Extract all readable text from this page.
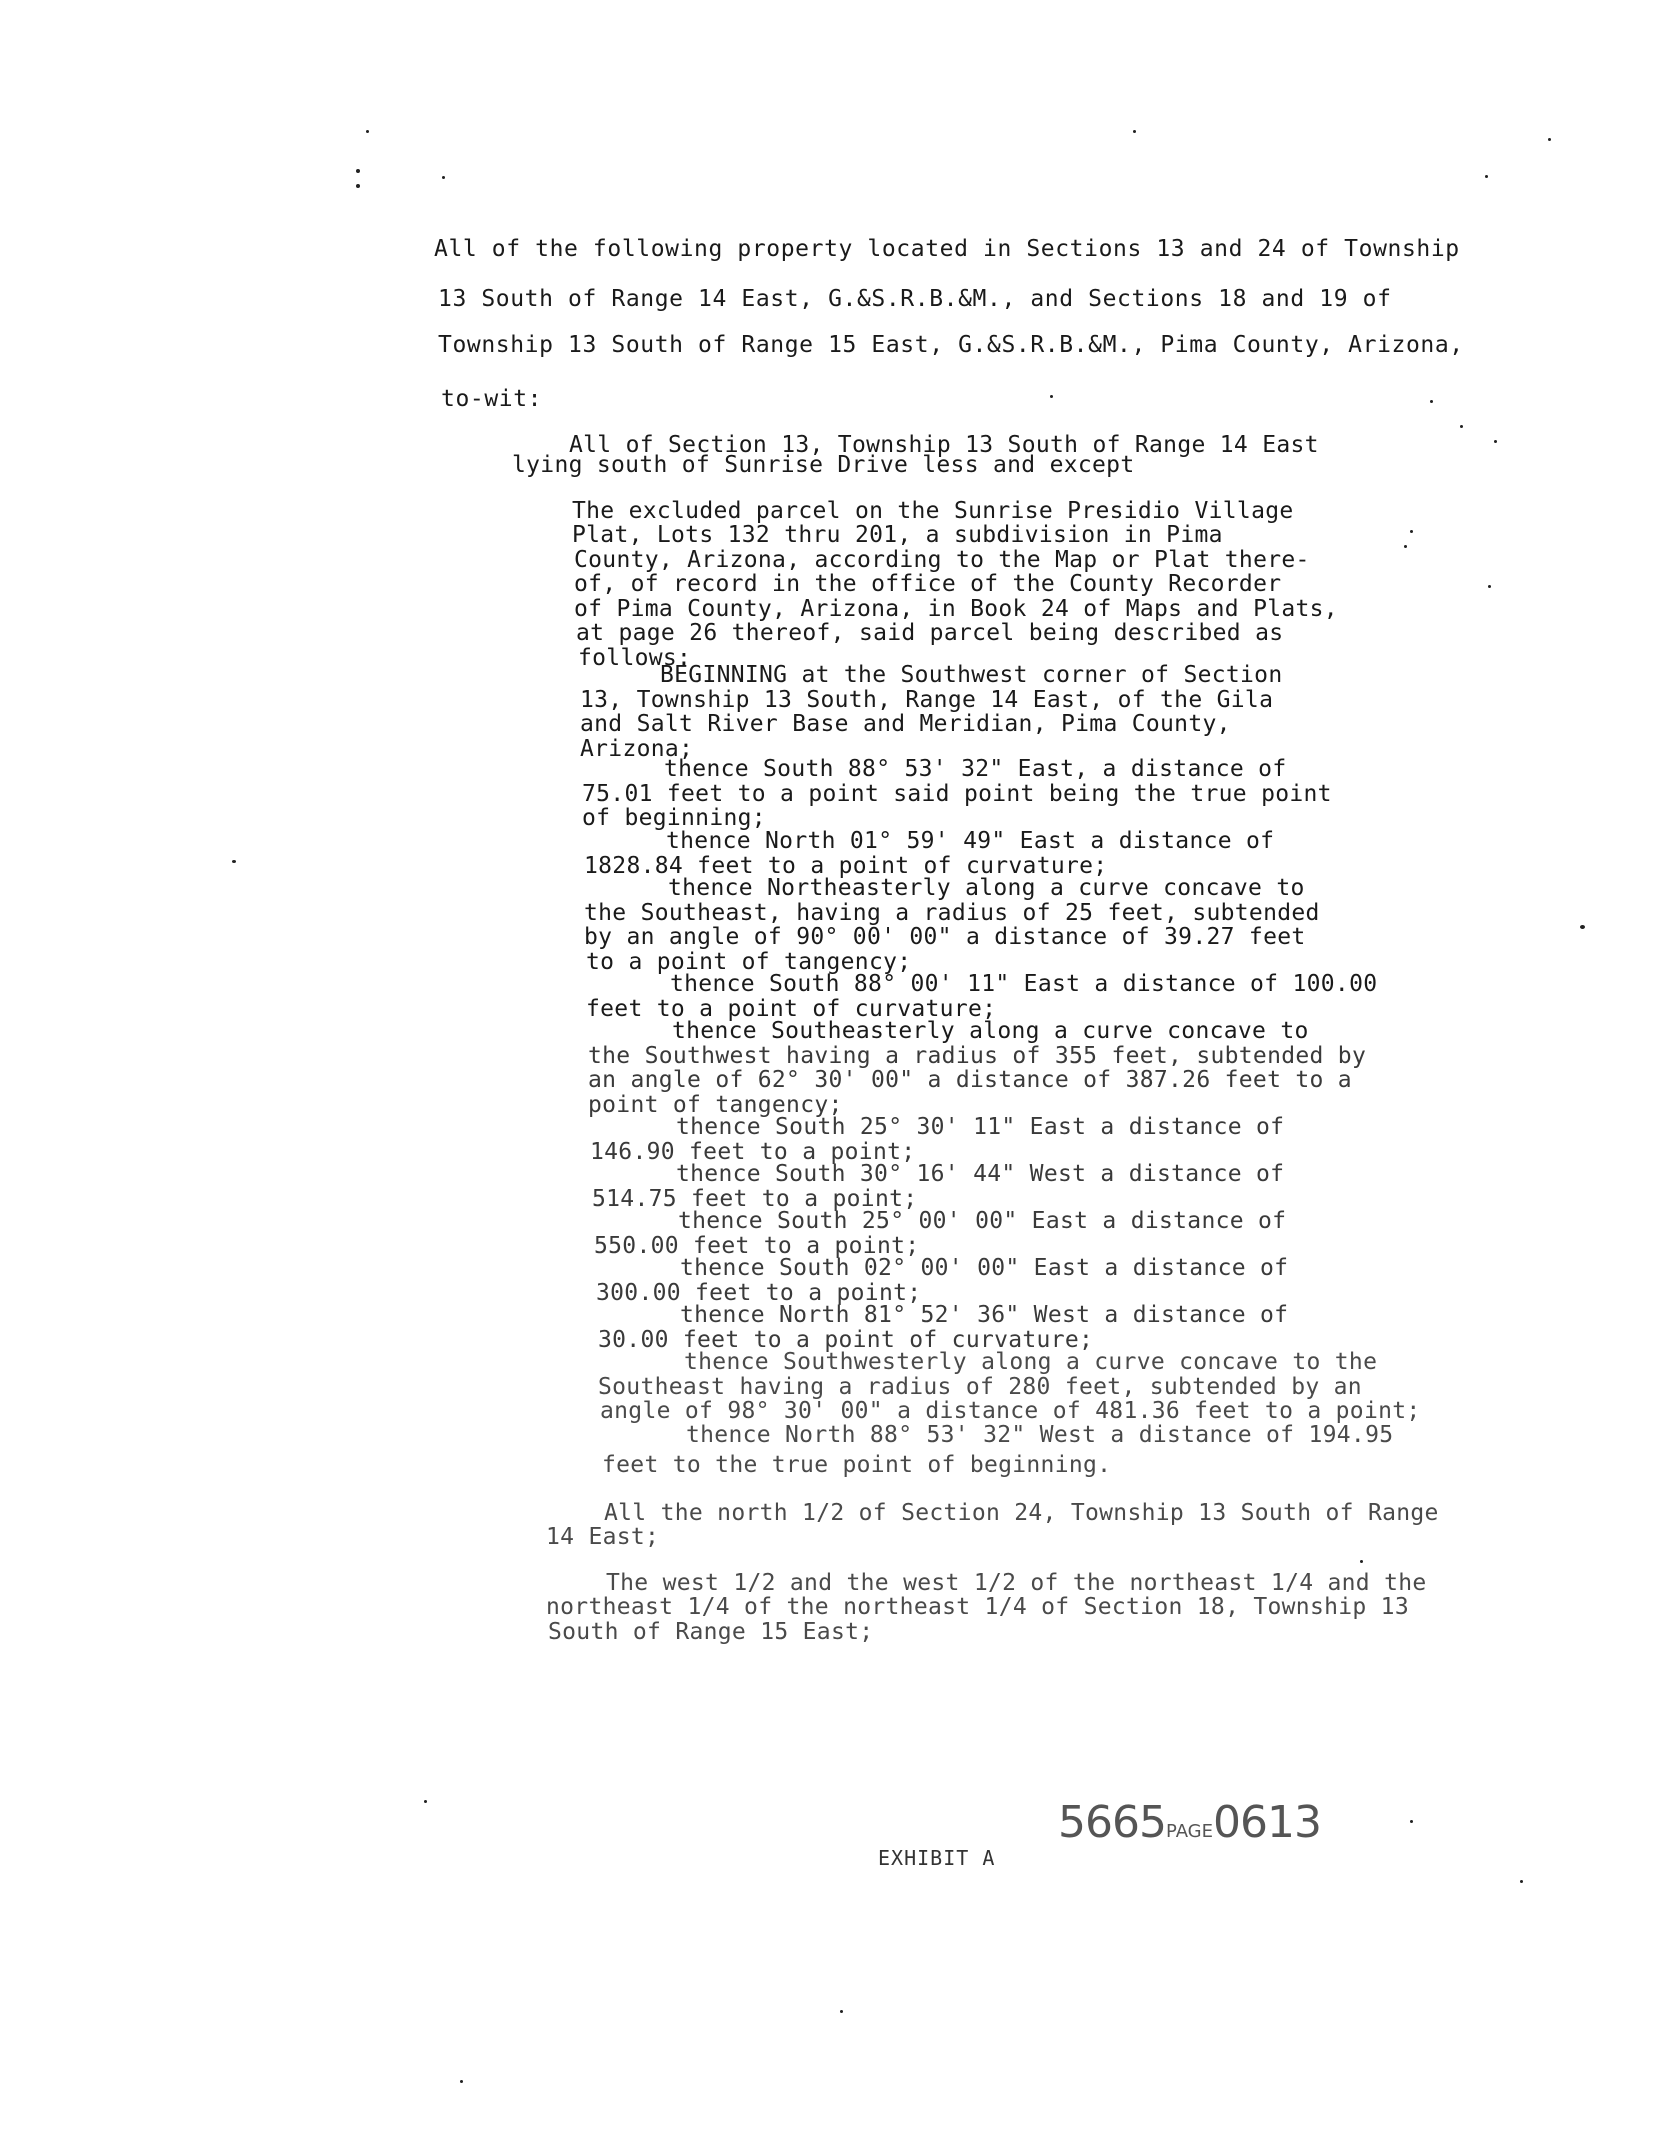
All of the following property located in Sections 13 and 24 of Township
13 South of Range 14 East, G.&S.R.B.&M., and Sections 18 and 19 of
Township 13 South of Range 15 East, G.&S.R.B.&M., Pima County, Arizona,
to-wit:
All of Section 13, Township 13 South of Range 14 East
lying south of Sunrise Drive less and except
The excluded parcel on the Sunrise Presidio Village
Plat, Lots 132 thru 201, a subdivision in Pima
County, Arizona, according to the Map or Plat there-
of, of record in the office of the County Recorder
of Pima County, Arizona, in Book 24 of Maps and Plats,
at page 26 thereof, said parcel being described as
follows:
BEGINNING at the Southwest corner of Section
13, Township 13 South, Range 14 East, of the Gila
and Salt River Base and Meridian, Pima County,
Arizona;
thence South 88° 53' 32" East, a distance of
75.01 feet to a point said point being the true point
of beginning;
thence North 01° 59' 49" East a distance of
1828.84 feet to a point of curvature;
thence Northeasterly along a curve concave to
the Southeast, having a radius of 25 feet, subtended
by an angle of 90° 00' 00" a distance of 39.27 feet
to a point of tangency;
thence South 88° 00' 11" East a distance of 100.00
feet to a point of curvature;
thence Southeasterly along a curve concave to
the Southwest having a radius of 355 feet, subtended by
an angle of 62° 30' 00" a distance of 387.26 feet to a
point of tangency;
thence South 25° 30' 11" East a distance of
146.90 feet to a point;
thence South 30° 16' 44" West a distance of
514.75 feet to a point;
thence South 25° 00' 00" East a distance of
550.00 feet to a point;
thence South 02° 00' 00" East a distance of
300.00 feet to a point;
thence North 81° 52' 36" West a distance of
30.00 feet to a point of curvature;
thence Southwesterly along a curve concave to the
Southeast having a radius of 280 feet, subtended by an
angle of 98° 30' 00" a distance of 481.36 feet to a point;
thence North 88° 53' 32" West a distance of 194.95
feet to the true point of beginning.
All the north 1/2 of Section 24, Township 13 South of Range
14 East;
The west 1/2 and the west 1/2 of the northeast 1/4 and the
northeast 1/4 of the northeast 1/4 of Section 18, Township 13
South of Range 15 East;
5665PAGE0613
EXHIBIT A
